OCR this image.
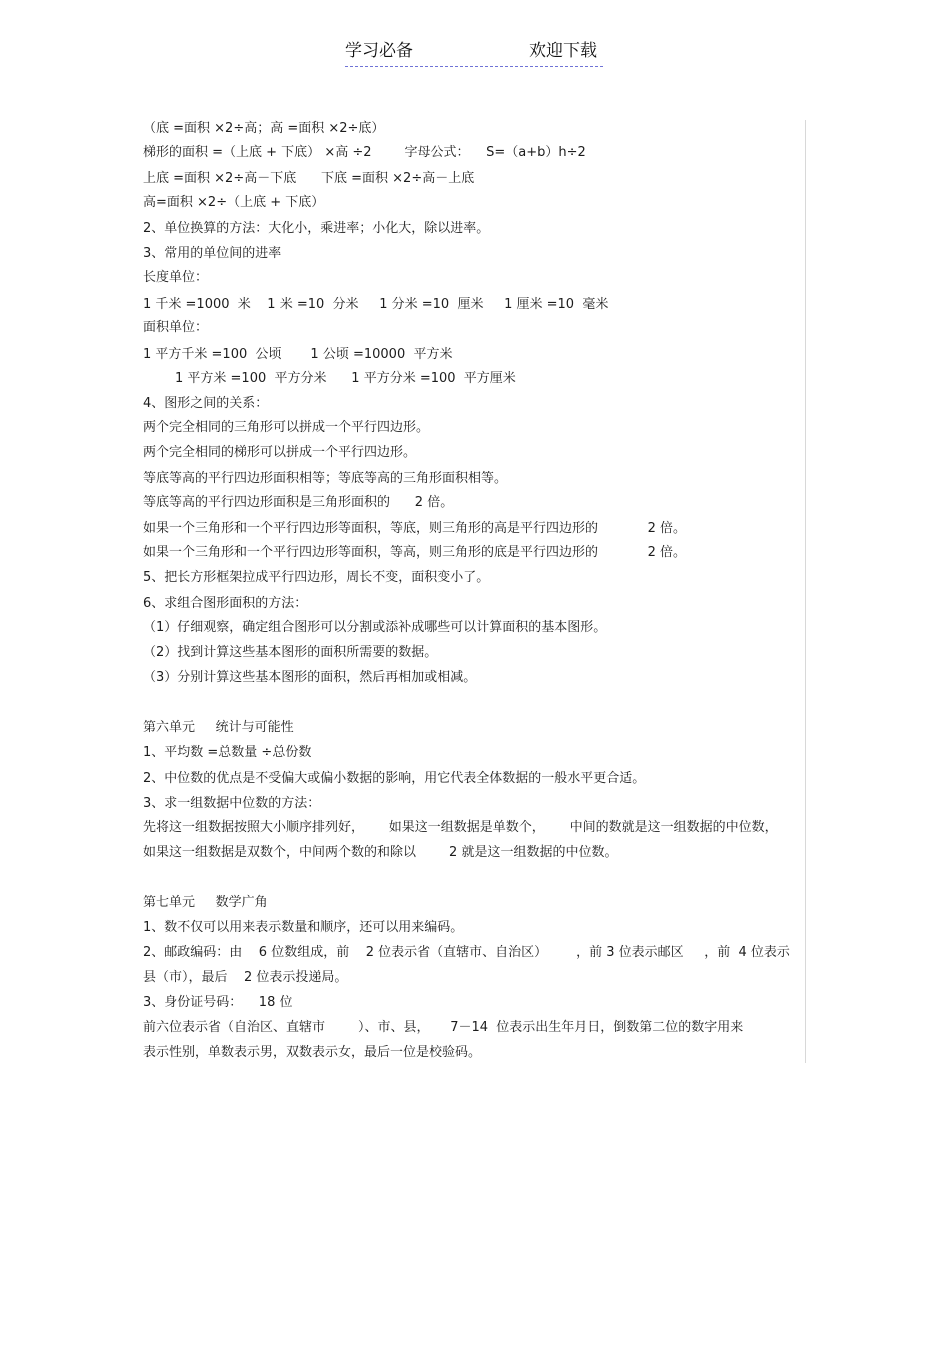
学习必备	欢迎下载
（底 =面积 ×2÷高；高 =面积 ×2÷底）
梯形的面积 =（上底 + 下底） ×高 ÷2        字母公式：    S=（a+b）h÷2
上底 =面积 ×2÷高－下底      下底 =面积 ×2÷高－上底
高=面积 ×2÷（上底 + 下底）
2、单位换算的方法：大化小，乘进率；小化大，除以进率。
3、常用的单位间的进率
长度单位：
1 千米 =1000  米    1 米 =10  分米     1 分米 =10  厘米     1 厘米 =10  毫米
面积单位：
1 平方千米 =100  公顷       1 公顷 =10000  平方米
1 平方米 =100  平方分米      1 平方分米 =100  平方厘米
4、图形之间的关系：
两个完全相同的三角形可以拼成一个平行四边形。
两个完全相同的梯形可以拼成一个平行四边形。
等底等高的平行四边形面积相等；等底等高的三角形面积相等。
等底等高的平行四边形面积是三角形面积的      2 倍。
如果一个三角形和一个平行四边形等面积，等底，则三角形的高是平行四边形的            2 倍。
如果一个三角形和一个平行四边形等面积，等高，则三角形的底是平行四边形的            2 倍。
5、把长方形框架拉成平行四边形，周长不变，面积变小了。
6、求组合图形面积的方法：
（1）仔细观察，确定组合图形可以分割或添补成哪些可以计算面积的基本图形。
（2）找到计算这些基本图形的面积所需要的数据。
（3）分别计算这些基本图形的面积，然后再相加或相减。
第六单元     统计与可能性
1、平均数 =总数量 ÷总份数
2、中位数的优点是不受偏大或偏小数据的影响，用它代表全体数据的一般水平更合适。
3、求一组数据中位数的方法：
先将这一组数据按照大小顺序排列好，      如果这一组数据是单数个，      中间的数就是这一组数据的中位数，
如果这一组数据是双数个，中间两个数的和除以        2 就是这一组数据的中位数。
第七单元     数学广角
1、数不仅可以用来表示数量和顺序，还可以用来编码。
2、邮政编码：由    6 位数组成，前    2 位表示省（直辖市、自治区）       ，前 3 位表示邮区     ，前  4 位表示
县（市），最后    2 位表示投递局。
3、身份证号码：    18 位
前六位表示省（自治区、直辖市        ）、市、县，     7－14  位表示出生年月日，倒数第二位的数字用来
表示性别，单数表示男，双数表示女，最后一位是校验码。
